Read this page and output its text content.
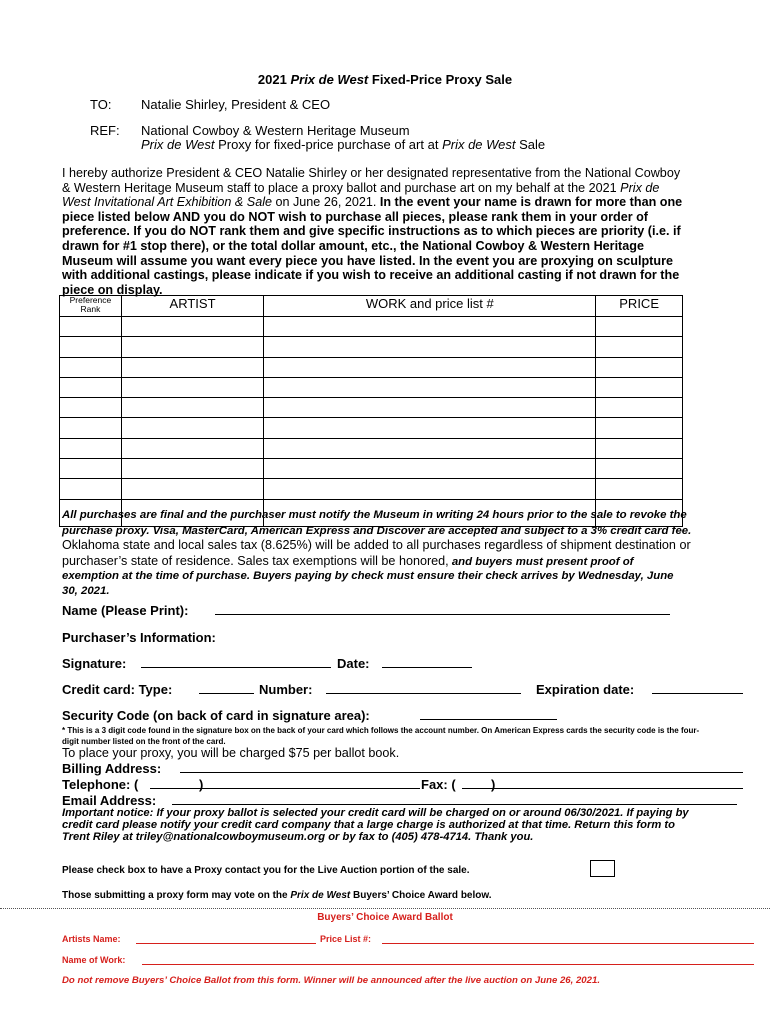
2021 Prix de West Fixed-Price Proxy Sale
TO: Natalie Shirley, President & CEO
REF: National Cowboy & Western Heritage Museum
Prix de West Proxy for fixed-price purchase of art at Prix de West Sale
I hereby authorize President & CEO Natalie Shirley or her designated representative from the National Cowboy & Western Heritage Museum staff to place a proxy ballot and purchase art on my behalf at the 2021 Prix de West Invitational Art Exhibition & Sale on June 26, 2021. In the event your name is drawn for more than one piece listed below AND you do NOT wish to purchase all pieces, please rank them in your order of preference. If you do NOT rank them and give specific instructions as to which pieces are priority (i.e. if drawn for #1 stop there), or the total dollar amount, etc., the National Cowboy & Western Heritage Museum will assume you want every piece you have listed. In the event you are proxying on sculpture with additional castings, please indicate if you wish to receive an additional casting if not drawn for the piece on display.
Preference Rank	ARTIST	WORK and price list #	PRICE

All purchases are final and the purchaser must notify the Museum in writing 24 hours prior to the sale to revoke the purchase proxy. Visa, MasterCard, American Express and Discover are accepted and subject to a 3% credit card fee. Oklahoma state and local sales tax (8.625%) will be added to all purchases regardless of shipment destination or purchaser’s state of residence. Sales tax exemptions will be honored, and buyers must present proof of exemption at the time of purchase. Buyers paying by check must ensure their check arrives by Wednesday, June 30, 2021.
Name (Please Print):
Purchaser’s Information:
Signature:	Date:
Credit card: Type:	Number:	Expiration date:
Security Code (on back of card in signature area):
* This is a 3 digit code found in the signature box on the back of your card which follows the account number. On American Express cards the security code is the four-digit number listed on the front of the card.
To place your proxy, you will be charged $75 per ballot book.
Billing Address:
Telephone: (	)	Fax: (	)
Email Address:
Important notice: If your proxy ballot is selected your credit card will be charged on or around 06/30/2021. If paying by credit card please notify your credit card company that a large charge is authorized at that time. Return this form to Trent Riley at triley@nationalcowboymuseum.org or by fax to (405) 478-4714. Thank you.
Please check box to have a Proxy contact you for the Live Auction portion of the sale.
Those submitting a proxy form may vote on the Prix de West Buyers’ Choice Award below.
Buyers’ Choice Award Ballot
Artists Name:	Price List #:
Name of Work:
Do not remove Buyers’ Choice Ballot from this form. Winner will be announced after the live auction on June 26, 2021.
